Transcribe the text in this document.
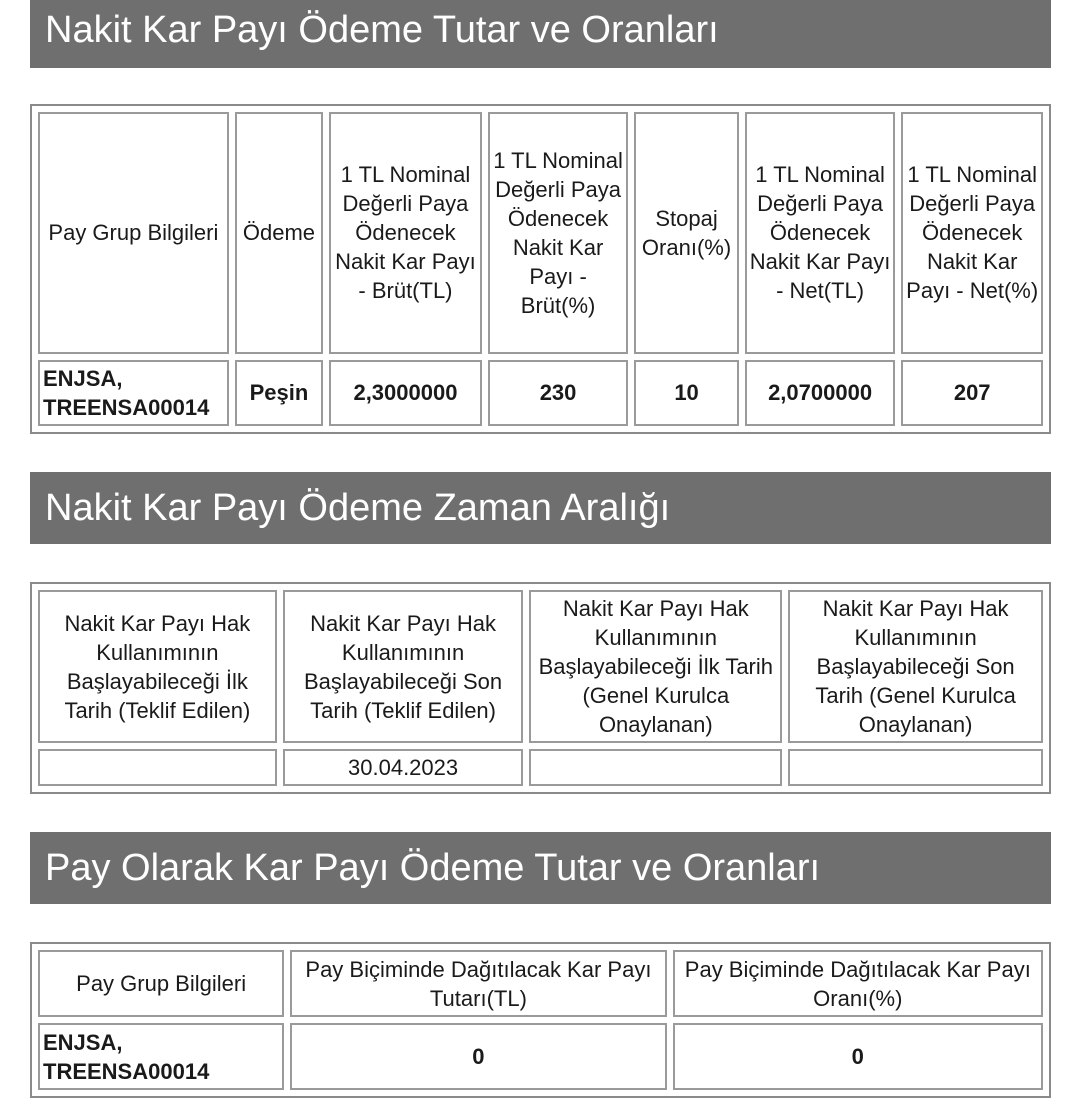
Nakit Kar Payı Ödeme Tutar ve Oranları
Pay Grup Bilgileri	Ödeme	1 TL Nominal Değerli Paya Ödenecek Nakit Kar Payı - Brüt(TL)	1 TL Nominal Değerli Paya Ödenecek Nakit Kar Payı - Brüt(%)	Stopaj Oranı(%)	1 TL Nominal Değerli Paya Ödenecek Nakit Kar Payı - Net(TL)	1 TL Nominal Değerli Paya Ödenecek Nakit Kar Payı - Net(%)
ENJSA, TREENSA00014	Peşin	2,3000000	230	10	2,0700000	207
Nakit Kar Payı Ödeme Zaman Aralığı
Nakit Kar Payı Hak Kullanımının Başlayabileceği İlk Tarih (Teklif Edilen)	Nakit Kar Payı Hak Kullanımının Başlayabileceği Son Tarih (Teklif Edilen)	Nakit Kar Payı Hak Kullanımının Başlayabileceği İlk Tarih (Genel Kurulca Onaylanan)	Nakit Kar Payı Hak Kullanımının Başlayabileceği Son Tarih (Genel Kurulca Onaylanan)
	30.04.2023		
Pay Olarak Kar Payı Ödeme Tutar ve Oranları
Pay Grup Bilgileri	Pay Biçiminde Dağıtılacak Kar Payı Tutarı(TL)	Pay Biçiminde Dağıtılacak Kar Payı Oranı(%)
ENJSA, TREENSA00014	0	0
